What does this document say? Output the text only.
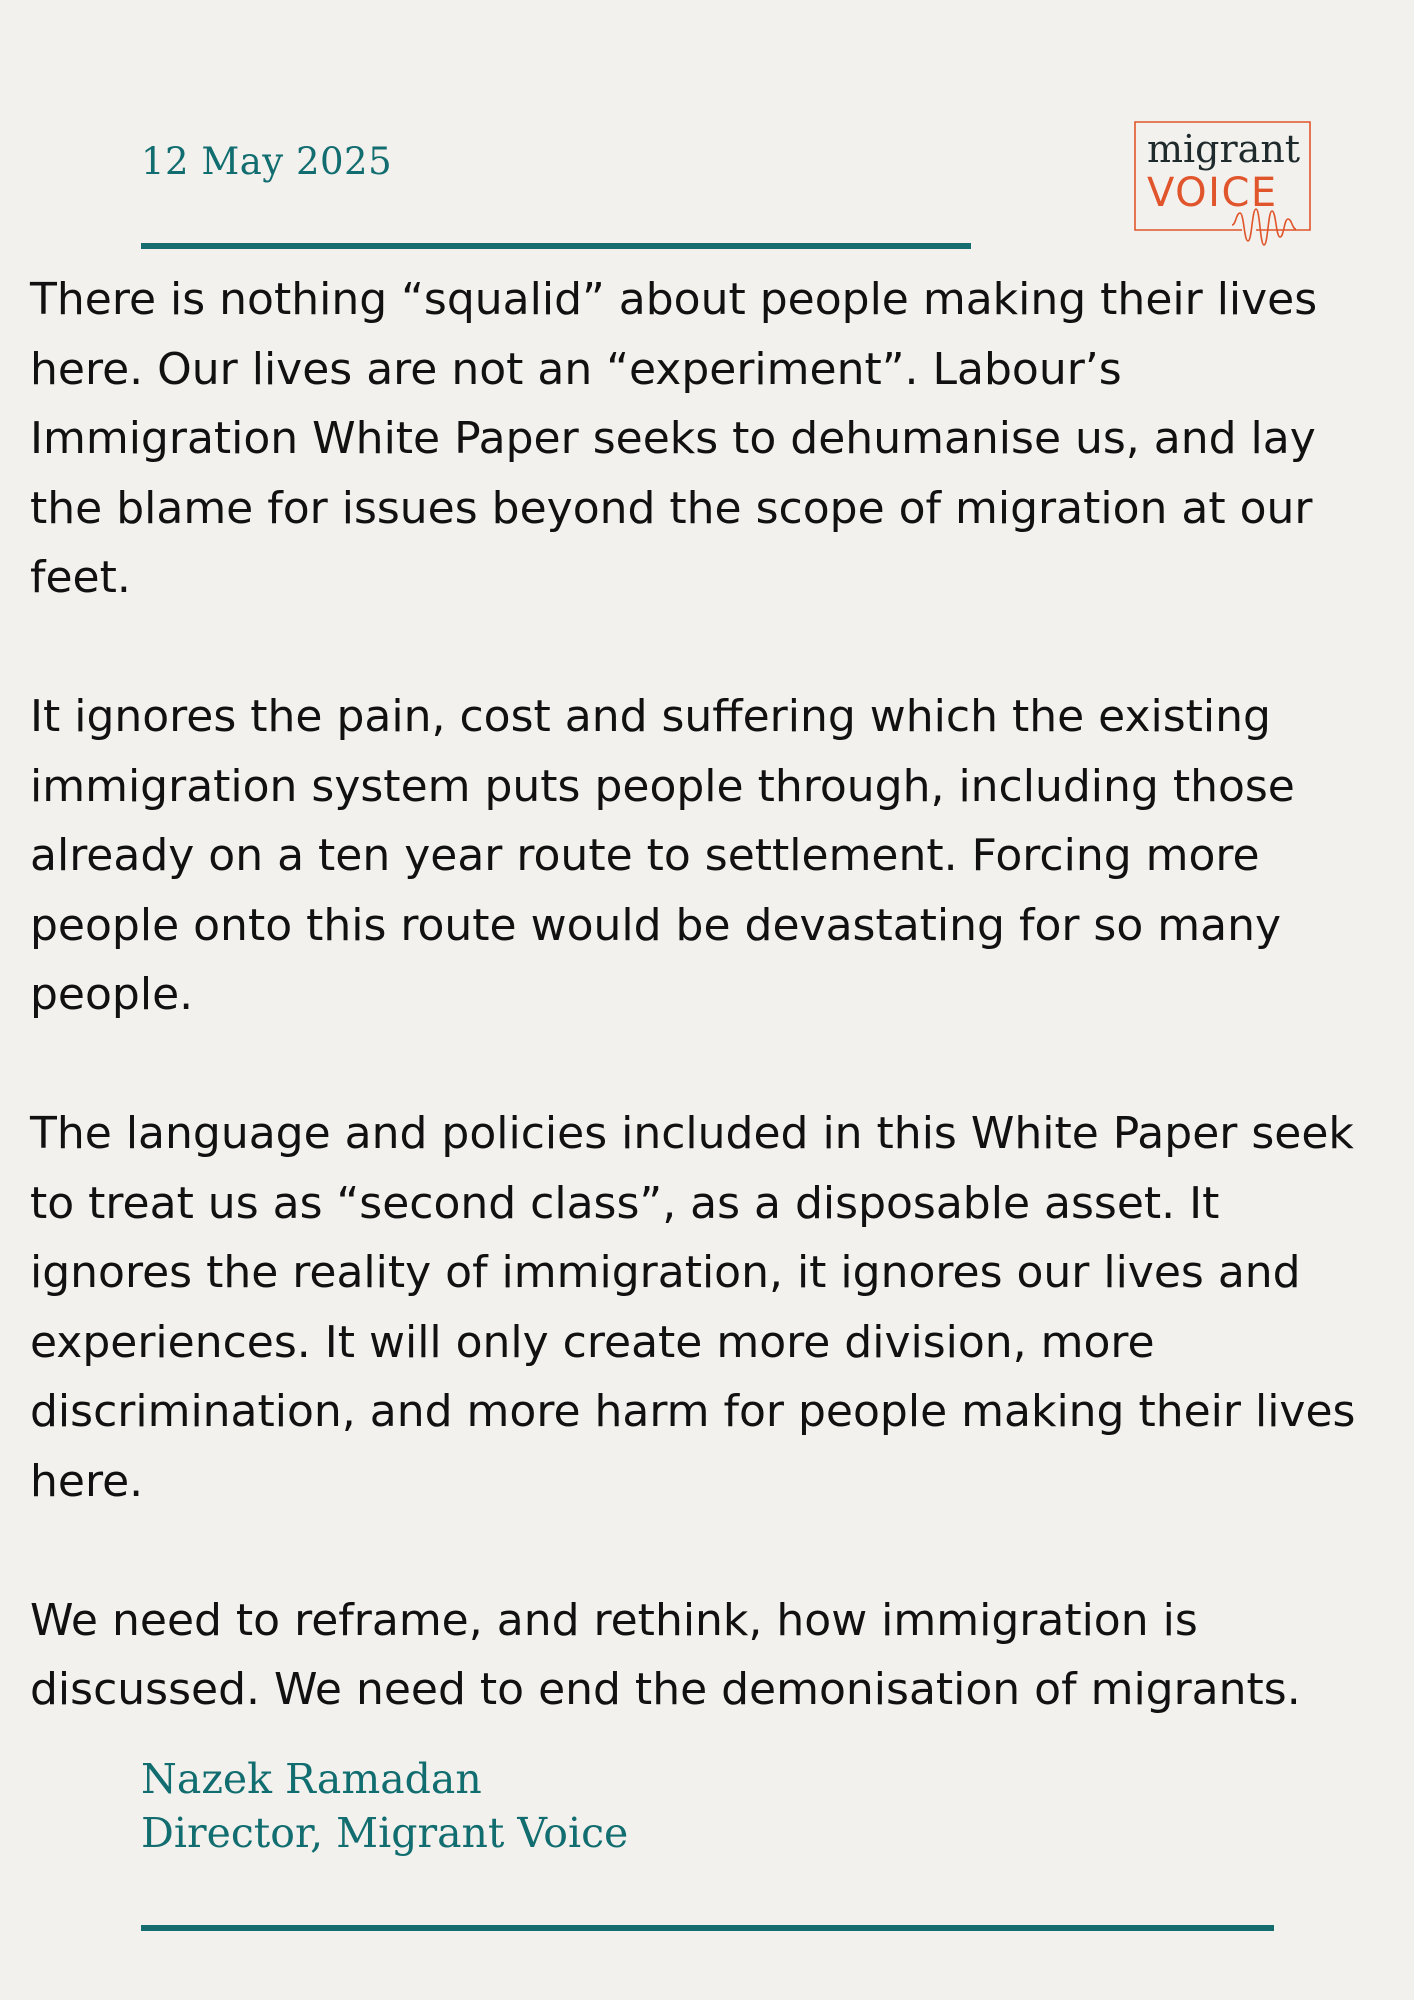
12 May 2025	migrant
VOICE

There is nothing “squalid” about people making their lives
here. Our lives are not an “experiment”. Labour’s
Immigration White Paper seeks to dehumanise us, and lay
the blame for issues beyond the scope of migration at our
feet.

It ignores the pain, cost and suffering which the existing
immigration system puts people through, including those
already on a ten year route to settlement. Forcing more
people onto this route would be devastating for so many
people.

The language and policies included in this White Paper seek
to treat us as “second class”, as a disposable asset. It
ignores the reality of immigration, it ignores our lives and
experiences. It will only create more division, more
discrimination, and more harm for people making their lives
here.

We need to reframe, and rethink, how immigration is
discussed. We need to end the demonisation of migrants.

Nazek Ramadan
Director, Migrant Voice
